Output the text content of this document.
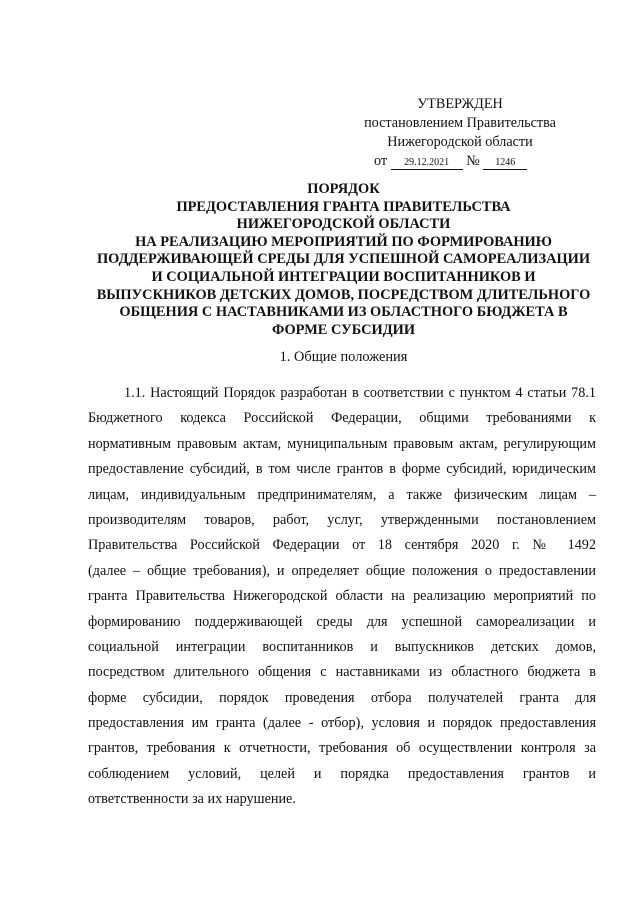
УТВЕРЖДЕН
постановлением Правительства
Нижегородской области
от 29.12.2021 № 1246
ПОРЯДОК
ПРЕДОСТАВЛЕНИЯ ГРАНТА ПРАВИТЕЛЬСТВА
НИЖЕГОРОДСКОЙ ОБЛАСТИ
НА РЕАЛИЗАЦИЮ МЕРОПРИЯТИЙ ПО ФОРМИРОВАНИЮ
ПОДДЕРЖИВАЮЩЕЙ СРЕДЫ ДЛЯ УСПЕШНОЙ САМОРЕАЛИЗАЦИИ
И СОЦИАЛЬНОЙ ИНТЕГРАЦИИ ВОСПИТАННИКОВ И
ВЫПУСКНИКОВ ДЕТСКИХ ДОМОВ, ПОСРЕДСТВОМ ДЛИТЕЛЬНОГО
ОБЩЕНИЯ С НАСТАВНИКАМИ ИЗ ОБЛАСТНОГО БЮДЖЕТА В
ФОРМЕ СУБСИДИИ
1. Общие положения
1.1. Настоящий Порядок разработан в соответствии с пунктом 4 статьи 78.1
Бюджетного кодекса Российской Федерации, общими требованиями к
нормативным правовым актам, муниципальным правовым актам, регулирующим
предоставление субсидий, в том числе грантов в форме субсидий, юридическим
лицам, индивидуальным предпринимателям, а также физическим лицам –
производителям товаров, работ, услуг, утвержденными постановлением
Правительства Российской Федерации от 18 сентября 2020 г. № 1492
(далее – общие требования), и определяет общие положения о предоставлении
гранта Правительства Нижегородской области на реализацию мероприятий по
формированию поддерживающей среды для успешной самореализации и
социальной интеграции воспитанников и выпускников детских домов,
посредством длительного общения с наставниками из областного бюджета в
форме субсидии, порядок проведения отбора получателей гранта для
предоставления им гранта (далее - отбор), условия и порядок предоставления
грантов, требования к отчетности, требования об осуществлении контроля за
соблюдением условий, целей и порядка предоставления грантов и
ответственности за их нарушение.
